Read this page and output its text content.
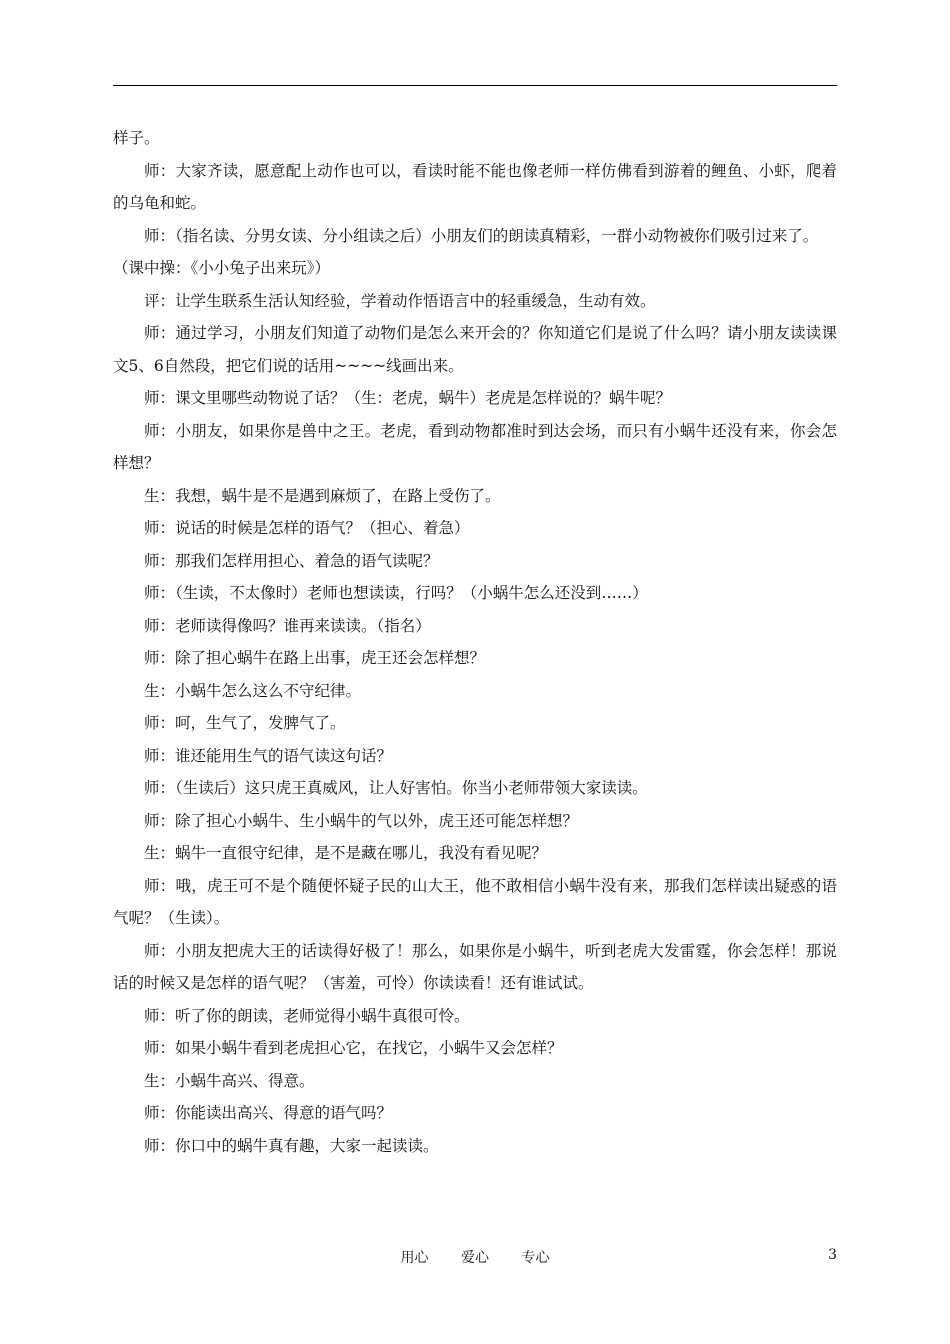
样子。

师：大家齐读，愿意配上动作也可以，看读时能不能也像老师一样仿佛看到游着的鲤鱼、小虾，爬着的乌龟和蛇。

师：（指名读、分男女读、分小组读之后）小朋友们的朗读真精彩，一群小动物被你们吸引过来了。

（课中操：《小小兔子出来玩》）

评：让学生联系生活认知经验，学着动作悟语言中的轻重缓急，生动有效。

师：通过学习，小朋友们知道了动物们是怎么来开会的？你知道它们是说了什么吗？请小朋友读读课文5、6自然段，把它们说的话用~~~~线画出来。

师：课文里哪些动物说了话？（生：老虎，蜗牛）老虎是怎样说的？蜗牛呢？

师：小朋友，如果你是兽中之王。老虎，看到动物都准时到达会场，而只有小蜗牛还没有来，你会怎样想？

生：我想，蜗牛是不是遇到麻烦了，在路上受伤了。

师：说话的时候是怎样的语气？（担心、着急）

师：那我们怎样用担心、着急的语气读呢？

师：（生读，不太像时）老师也想读读，行吗？（小蜗牛怎么还没到……）

师：老师读得像吗？谁再来读读。（指名）

师：除了担心蜗牛在路上出事，虎王还会怎样想？

生：小蜗牛怎么这么不守纪律。

师：呵，生气了，发脾气了。

师：谁还能用生气的语气读这句话？

师：（生读后）这只虎王真威风，让人好害怕。你当小老师带领大家读读。

师：除了担心小蜗牛、生小蜗牛的气以外，虎王还可能怎样想？

生：蜗牛一直很守纪律，是不是藏在哪儿，我没有看见呢？

师：哦，虎王可不是个随便怀疑子民的山大王，他不敢相信小蜗牛没有来，那我们怎样读出疑惑的语气呢？（生读）。

师：小朋友把虎大王的话读得好极了！那么，如果你是小蜗牛，听到老虎大发雷霆，你会怎样！那说话的时候又是怎样的语气呢？（害羞，可怜）你读读看！还有谁试试。

师：听了你的朗读，老师觉得小蜗牛真很可怜。

师：如果小蜗牛看到老虎担心它，在找它，小蜗牛又会怎样？

生：小蜗牛高兴、得意。

师：你能读出高兴、得意的语气吗？

师：你口中的蜗牛真有趣，大家一起读读。

用心 爱心 专心	3
